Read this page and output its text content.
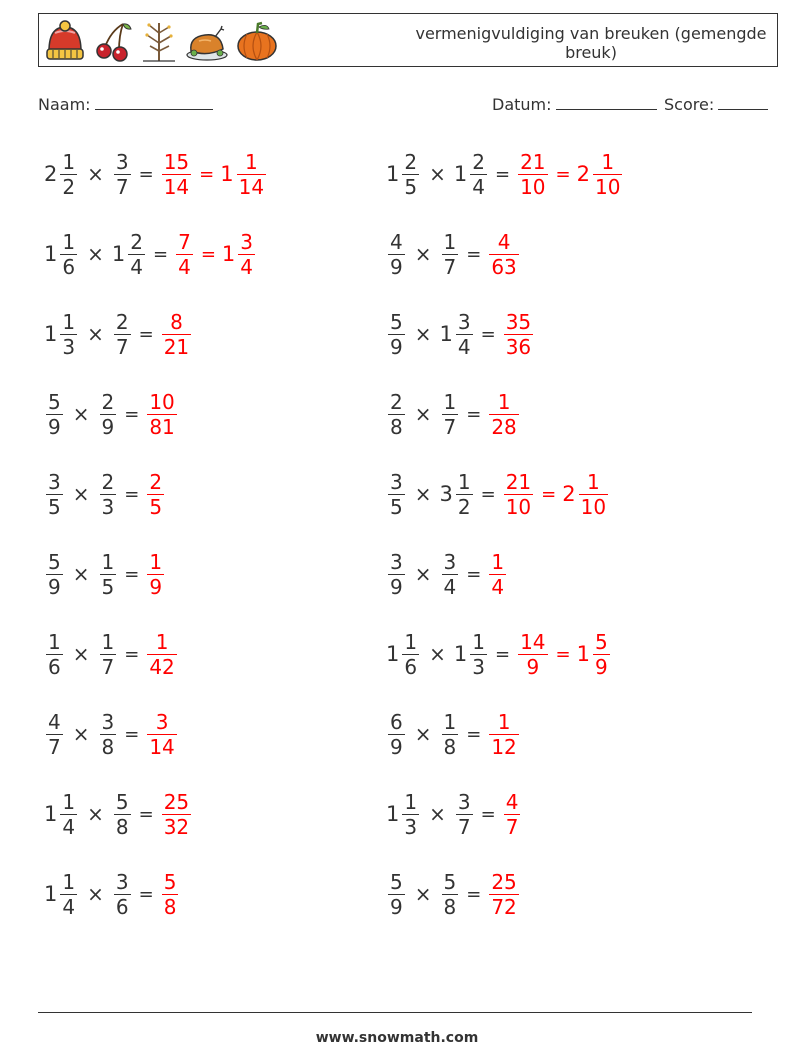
vermenigvuldiging van breuken (gemengde breuk)
Naam:	Datum:	Score:
$2 \frac{1}{2} \times \frac{3}{7} = \frac{15}{14} = 1 \frac{1}{14}$	$1 \frac{2}{5} \times 1 \frac{2}{4} = \frac{21}{10} = 2 \frac{1}{10}$
$1 \frac{1}{6} \times 1 \frac{2}{4} = \frac{7}{4} = 1 \frac{3}{4}$	$\frac{4}{9} \times \frac{1}{7} = \frac{4}{63}$
$1 \frac{1}{3} \times \frac{2}{7} = \frac{8}{21}$	$\frac{5}{9} \times 1 \frac{3}{4} = \frac{35}{36}$
$\frac{5}{9} \times \frac{2}{9} = \frac{10}{81}$	$\frac{2}{8} \times \frac{1}{7} = \frac{1}{28}$
$\frac{3}{5} \times \frac{2}{3} = \frac{2}{5}$	$\frac{3}{5} \times 3 \frac{1}{2} = \frac{21}{10} = 2 \frac{1}{10}$
$\frac{5}{9} \times \frac{1}{5} = \frac{1}{9}$	$\frac{3}{9} \times \frac{3}{4} = \frac{1}{4}$
$\frac{1}{6} \times \frac{1}{7} = \frac{1}{42}$	$1 \frac{1}{6} \times 1 \frac{1}{3} = \frac{14}{9} = 1 \frac{5}{9}$
$\frac{4}{7} \times \frac{3}{8} = \frac{3}{14}$	$\frac{6}{9} \times \frac{1}{8} = \frac{1}{12}$
$1 \frac{1}{4} \times \frac{5}{8} = \frac{25}{32}$	$1 \frac{1}{3} \times \frac{3}{7} = \frac{4}{7}$
$1 \frac{1}{4} \times \frac{3}{6} = \frac{5}{8}$	$\frac{5}{9} \times \frac{5}{8} = \frac{25}{72}$
www.snowmath.com
